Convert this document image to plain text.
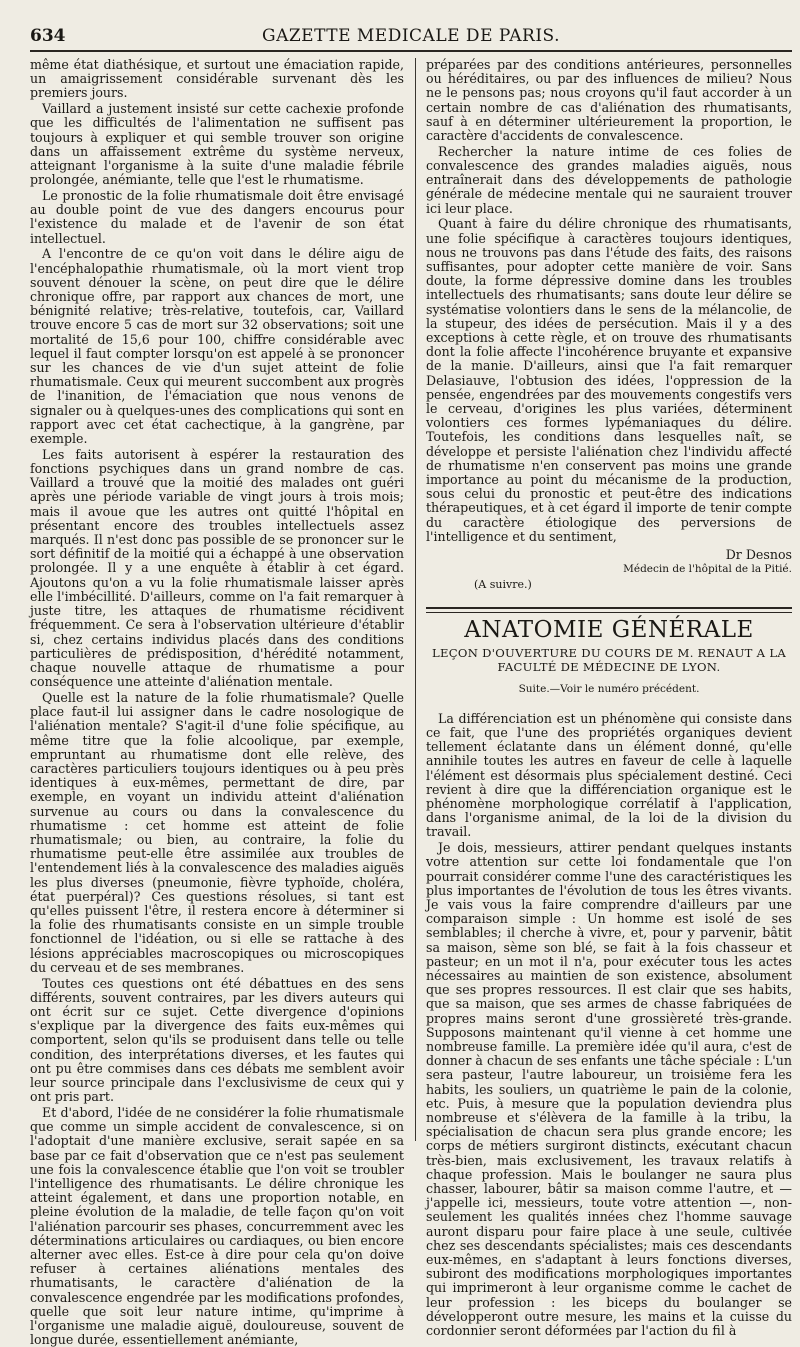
634	GAZETTE MEDICALE DE PARIS.

même état diathésique, et surtout une émaciation rapide, un amaigrissement considérable survenant dès les premiers jours.

Vaillard a justement insisté sur cette cachexie profonde que les difficultés de l'alimentation ne suffisent pas toujours à expliquer et qui semble trouver son origine dans un affaissement extrême du système nerveux, atteignant l'organisme à la suite d'une maladie fébrile prolongée, anémiante, telle que l'est le rhumatisme.

Le pronostic de la folie rhumatismale doit être envisagé au double point de vue des dangers encourus pour l'existence du malade et de l'avenir de son état intellectuel.

A l'encontre de ce qu'on voit dans le délire aigu de l'encéphalopathie rhumatismale, où la mort vient trop souvent dénouer la scène, on peut dire que le délire chronique offre, par rapport aux chances de mort, une bénignité relative; très-relative, toutefois, car, Vaillard trouve encore 5 cas de mort sur 32 observations; soit une mortalité de 15,6 pour 100, chiffre considérable avec lequel il faut compter lorsqu'on est appelé à se prononcer sur les chances de vie d'un sujet atteint de folie rhumatismale. Ceux qui meurent succombent aux progrès de l'inanition, de l'émaciation que nous venons de signaler ou à quelques-unes des complications qui sont en rapport avec cet état cachectique, à la gangrène, par exemple.

Les faits autorisent à espérer la restauration des fonctions psychiques dans un grand nombre de cas. Vaillard a trouvé que la moitié des malades ont guéri après une période variable de vingt jours à trois mois; mais il avoue que les autres ont quitté l'hôpital en présentant encore des troubles intellectuels assez marqués. Il n'est donc pas possible de se prononcer sur le sort définitif de la moitié qui a échappé à une observation prolongée. Il y a une enquête à établir à cet égard. Ajoutons qu'on a vu la folie rhumatismale laisser après elle l'imbécillité. D'ailleurs, comme on l'a fait remarquer à juste titre, les attaques de rhumatisme récidivent fréquemment. Ce sera à l'observation ultérieure d'établir si, chez certains individus placés dans des conditions particulières de prédisposition, d'hérédité notamment, chaque nouvelle attaque de rhumatisme a pour conséquence une atteinte d'aliénation mentale.

Quelle est la nature de la folie rhumatismale? Quelle place faut-il lui assigner dans le cadre nosologique de l'aliénation mentale? S'agit-il d'une folie spécifique, au même titre que la folie alcoolique, par exemple, empruntant au rhumatisme dont elle relève, des caractères particuliers toujours identiques ou à peu près identiques à eux-mêmes, permettant de dire, par exemple, en voyant un individu atteint d'aliénation survenue au cours ou dans la convalescence du rhumatisme : cet homme est atteint de folie rhumatismale; ou bien, au contraire, la folie du rhumatisme peut-elle être assimilée aux troubles de l'entendement liés à la convalescence des maladies aiguës les plus diverses (pneumonie, fièvre typhoïde, choléra, état puerpéral)? Ces questions résolues, si tant est qu'elles puissent l'être, il restera encore à déterminer si la folie des rhumatisants consiste en un simple trouble fonctionnel de l'idéation, ou si elle se rattache à des lésions appréciables macroscopiques ou microscopiques du cerveau et de ses membranes.

Toutes ces questions ont été débattues en des sens différents, souvent contraires, par les divers auteurs qui ont écrit sur ce sujet. Cette divergence d'opinions s'explique par la divergence des faits eux-mêmes qui comportent, selon qu'ils se produisent dans telle ou telle condition, des interprétations diverses, et les fautes qui ont pu être commises dans ces débats me semblent avoir leur source principale dans l'exclusivisme de ceux qui y ont pris part.

Et d'abord, l'idée de ne considérer la folie rhumatismale que comme un simple accident de convalescence, si on l'adoptait d'une manière exclusive, serait sapée en sa base par ce fait d'observation que ce n'est pas seulement une fois la convalescence établie que l'on voit se troubler l'intelligence des rhumatisants. Le délire chronique les atteint également, et dans une proportion notable, en pleine évolution de la maladie, de telle façon qu'on voit l'aliénation parcourir ses phases, concurremment avec les déterminations articulaires ou cardiaques, ou bien encore alterner avec elles. Est-ce à dire pour cela qu'on doive refuser à certaines aliénations mentales des rhumatisants, le caractère d'aliénation de la convalescence engendrée par les modifications profondes, quelle que soit leur nature intime, qu'imprime à l'organisme une maladie aiguë, douloureuse, souvent de longue durée, essentiellement anémiante,

préparées par des conditions antérieures, personnelles ou héréditaires, ou par des influences de milieu? Nous ne le pensons pas; nous croyons qu'il faut accorder à un certain nombre de cas d'aliénation des rhumatisants, sauf à en déterminer ultérieurement la proportion, le caractère d'accidents de convalescence.

Rechercher la nature intime de ces folies de convalescence des grandes maladies aiguës, nous entraînerait dans des développements de pathologie générale de médecine mentale qui ne sauraient trouver ici leur place.

Quant à faire du délire chronique des rhumatisants, une folie spécifique à caractères toujours identiques, nous ne trouvons pas dans l'étude des faits, des raisons suffisantes, pour adopter cette manière de voir. Sans doute, la forme dépressive domine dans les troubles intellectuels des rhumatisants; sans doute leur délire se systématise volontiers dans le sens de la mélancolie, de la stupeur, des idées de persécution. Mais il y a des exceptions à cette règle, et on trouve des rhumatisants dont la folie affecte l'incohérence bruyante et expansive de la manie. D'ailleurs, ainsi que l'a fait remarquer Delasiauve, l'obtusion des idées, l'oppression de la pensée, engendrées par des mouvements congestifs vers le cerveau, d'origines les plus variées, déterminent volontiers ces formes lypémaniaques du délire. Toutefois, les conditions dans lesquelles naît, se développe et persiste l'aliénation chez l'individu affecté de rhumatisme n'en conservent pas moins une grande importance au point du mécanisme de la production, sous celui du pronostic et peut-être des indications thérapeutiques, et à cet égard il importe de tenir compte du caractère étiologique des perversions de l'intelligence et du sentiment,

Dr Desnos
Médecin de l'hôpital de la Pitié.
(A suivre.)
ANATOMIE GÉNÉRALE
LEÇON D'OUVERTURE DU COURS DE M. RENAUT A LA FACULTÉ DE MÉDECINE DE LYON.
Suite.—Voir le numéro précédent.

La différenciation est un phénomène qui consiste dans ce fait, que l'une des propriétés organiques devient tellement éclatante dans un élément donné, qu'elle annihile toutes les autres en faveur de celle à laquelle l'élément est désormais plus spécialement destiné. Ceci revient à dire que la différenciation organique est le phénomène morphologique corrélatif à l'application, dans l'organisme animal, de la loi de la division du travail.

Je dois, messieurs, attirer pendant quelques instants votre attention sur cette loi fondamentale que l'on pourrait considérer comme l'une des caractéristiques les plus importantes de l'évolution de tous les êtres vivants. Je vais vous la faire comprendre d'ailleurs par une comparaison simple : Un homme est isolé de ses semblables; il cherche à vivre, et, pour y parvenir, bâtit sa maison, sème son blé, se fait à la fois chasseur et pasteur; en un mot il n'a, pour exécuter tous les actes nécessaires au maintien de son existence, absolument que ses propres ressources. Il est clair que ses habits, que sa maison, que ses armes de chasse fabriquées de propres mains seront d'une grossièreté très-grande. Supposons maintenant qu'il vienne à cet homme une nombreuse famille. La première idée qu'il aura, c'est de donner à chacun de ses enfants une tâche spéciale : L'un sera pasteur, l'autre laboureur, un troisième fera les habits, les souliers, un quatrième le pain de la colonie, etc. Puis, à mesure que la population deviendra plus nombreuse et s'élèvera de la famille à la tribu, la spécialisation de chacun sera plus grande encore; les corps de métiers surgiront distincts, exécutant chacun très-bien, mais exclusivement, les travaux relatifs à chaque profession. Mais le boulanger ne saura plus chasser, labourer, bâtir sa maison comme l'autre, et — j'appelle ici, messieurs, toute votre attention —, non-seulement les qualités innées chez l'homme sauvage auront disparu pour faire place à une seule, cultivée chez ses descendants spécialistes; mais ces descendants eux-mêmes, en s'adaptant à leurs fonctions diverses, subiront des modifications morphologiques importantes qui imprimeront à leur organisme comme le cachet de leur profession : les biceps du boulanger se développeront outre mesure, les mains et la cuisse du cordonnier seront déformées par l'action du fil à
